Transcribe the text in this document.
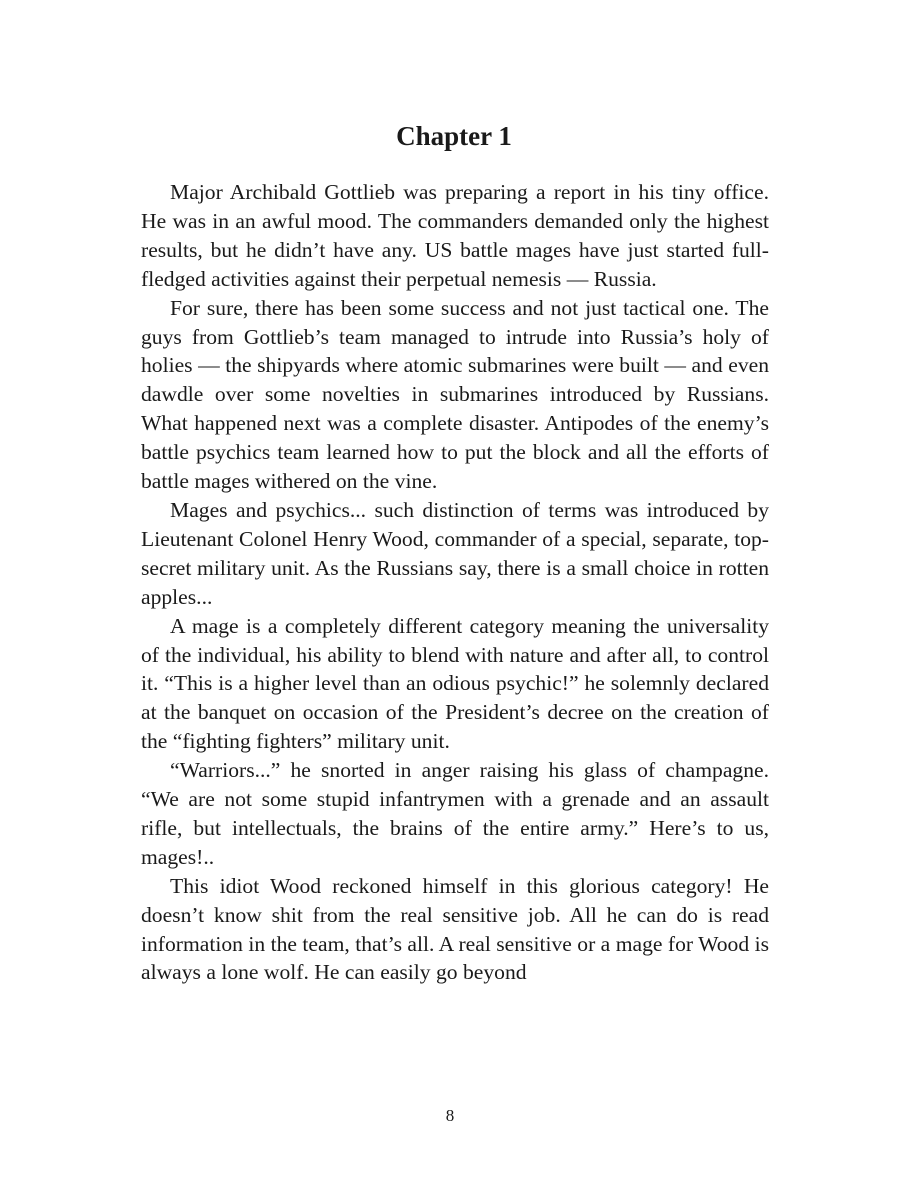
Chapter 1

Major Archibald Gottlieb was preparing a report in his tiny office. He was in an awful mood. The commanders demanded only the highest results, but he didn’t have any. US battle mages have just started full-fledged activities against their perpetual nemesis — Russia.

For sure, there has been some success and not just tactical one. The guys from Gottlieb’s team managed to intrude into Russia’s holy of holies — the shipyards where atomic submarines were built — and even dawdle over some novelties in submarines introduced by Russians. What happened next was a complete disaster. Antipodes of the enemy’s battle psychics team learned how to put the block and all the efforts of battle mages withered on the vine.

Mages and psychics... such distinction of terms was introduced by Lieutenant Colonel Henry Wood, commander of a special, separate, top-secret military unit. As the Russians say, there is a small choice in rotten apples...

A mage is a completely different category meaning the universality of the individual, his ability to blend with nature and after all, to control it. “This is a higher level than an odious psychic!” he solemnly declared at the banquet on occasion of the President’s decree on the creation of the “fighting fighters” military unit.

“Warriors...” he snorted in anger raising his glass of champagne. “We are not some stupid infantrymen with a grenade and an assault rifle, but intellectuals, the brains of the entire army.” Here’s to us, mages!..

This idiot Wood reckoned himself in this glorious category! He doesn’t know shit from the real sensitive job. All he can do is read information in the team, that’s all. A real sensitive or a mage for Wood is always a lone wolf. He can easily go beyond

8
